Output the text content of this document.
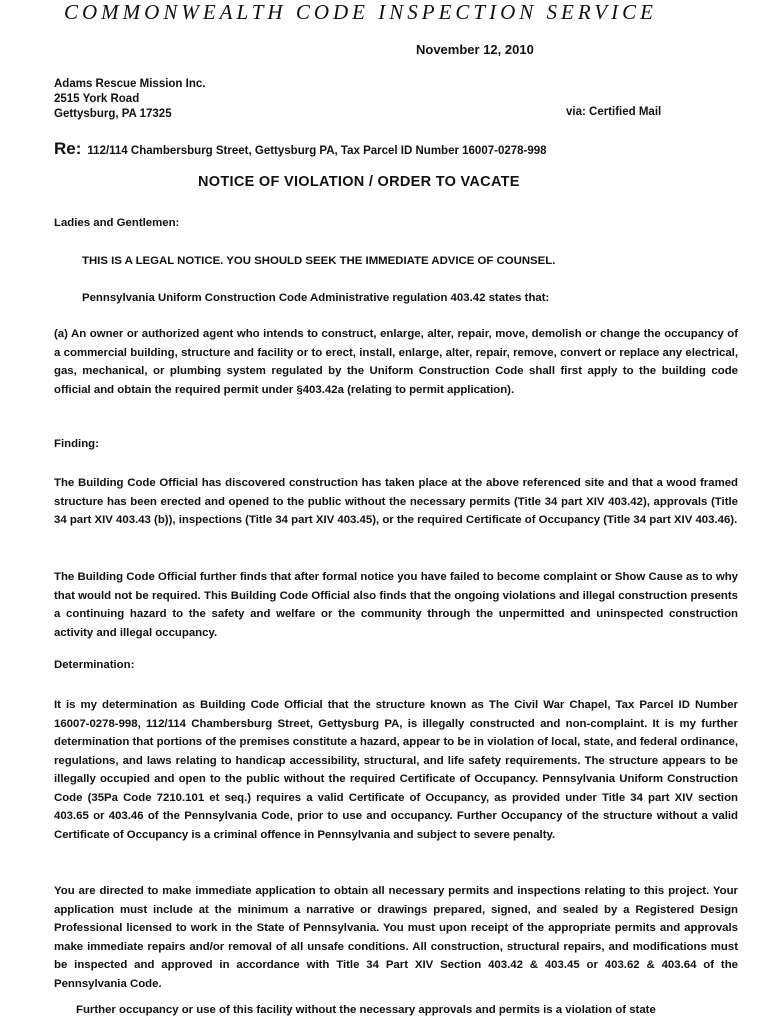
COMMONWEALTH CODE INSPECTION SERVICE
November 12, 2010
Adams Rescue Mission Inc.
2515 York Road
Gettysburg, PA 17325	via: Certified Mail
Re: 112/114 Chambersburg Street, Gettysburg PA, Tax Parcel ID Number 16007-0278-998
NOTICE OF VIOLATION / ORDER TO VACATE
Ladies and Gentlemen:
THIS IS A LEGAL NOTICE. YOU SHOULD SEEK THE IMMEDIATE ADVICE OF COUNSEL.
Pennsylvania Uniform Construction Code Administrative regulation 403.42 states that:
(a) An owner or authorized agent who intends to construct, enlarge, alter, repair, move, demolish or change the occupancy of a commercial building, structure and facility or to erect, install, enlarge, alter, repair, remove, convert or replace any electrical, gas, mechanical, or plumbing system regulated by the Uniform Construction Code shall first apply to the building code official and obtain the required permit under §403.42a (relating to permit application).
Finding:
The Building Code Official has discovered construction has taken place at the above referenced site and that a wood framed structure has been erected and opened to the public without the necessary permits (Title 34 part XIV 403.42), approvals (Title 34 part XIV 403.43 (b)), inspections (Title 34 part XIV 403.45), or the required Certificate of Occupancy (Title 34 part XIV 403.46).
The Building Code Official further finds that after formal notice you have failed to become complaint or Show Cause as to why that would not be required. This Building Code Official also finds that the ongoing violations and illegal construction presents a continuing hazard to the safety and welfare or the community through the unpermitted and uninspected construction activity and illegal occupancy.
Determination:
It is my determination as Building Code Official that the structure known as The Civil War Chapel, Tax Parcel ID Number 16007-0278-998, 112/114 Chambersburg Street, Gettysburg PA, is illegally constructed and non-complaint. It is my further determination that portions of the premises constitute a hazard, appear to be in violation of local, state, and federal ordinance, regulations, and laws relating to handicap accessibility, structural, and life safety requirements. The structure appears to be illegally occupied and open to the public without the required Certificate of Occupancy. Pennsylvania Uniform Construction Code (35Pa Code 7210.101 et seq.) requires a valid Certificate of Occupancy, as provided under Title 34 part XIV section 403.65 or 403.46 of the Pennsylvania Code, prior to use and occupancy. Further Occupancy of the structure without a valid Certificate of Occupancy is a criminal offence in Pennsylvania and subject to severe penalty.
You are directed to make immediate application to obtain all necessary permits and inspections relating to this project. Your application must include at the minimum a narrative or drawings prepared, signed, and sealed by a Registered Design Professional licensed to work in the State of Pennsylvania. You must upon receipt of the appropriate permits and approvals make immediate repairs and/or removal of all unsafe conditions. All construction, structural repairs, and modifications must be inspected and approved in accordance with Title 34 Part XIV Section 403.42 & 403.45 or 403.62 & 403.64 of the Pennsylvania Code.
Further occupancy or use of this facility without the necessary approvals and permits is a violation of state
